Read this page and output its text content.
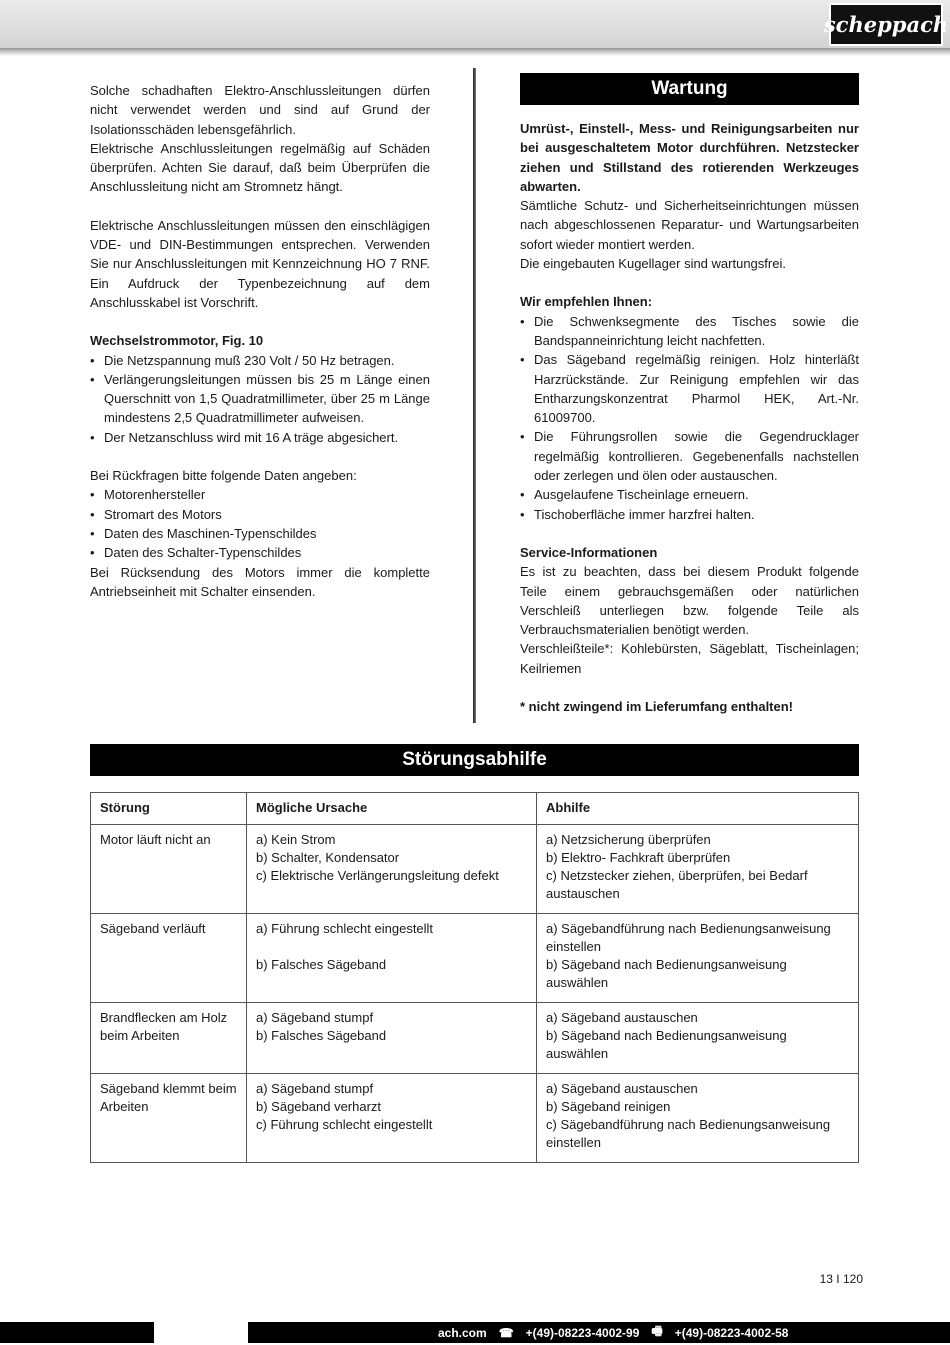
scheppach

Solche schadhaften Elektro-Anschlussleitungen dürfen nicht verwendet werden und sind auf Grund der Isolationsschäden lebensgefährlich.

Elektrische Anschlussleitungen regelmäßig auf Schäden überprüfen. Achten Sie darauf, daß beim Überprüfen die Anschlussleitung nicht am Stromnetz hängt.

Elektrische Anschlussleitungen müssen den einschlägigen VDE- und DIN-Bestimmungen entsprechen. Verwenden Sie nur Anschlussleitungen mit Kennzeichnung HO 7 RNF. Ein Aufdruck der Typenbezeichnung auf dem Anschlusskabel ist Vorschrift.

Wechselstrommotor, Fig. 10

• Die Netzspannung muß 230 Volt / 50 Hz betragen.
• Verlängerungsleitungen müssen bis 25 m Länge einen Querschnitt von 1,5 Quadratmillimeter, über 25 m Länge mindestens 2,5 Quadratmillimeter aufweisen.
• Der Netzanschluss wird mit 16 A träge abgesichert.

Bei Rückfragen bitte folgende Daten angeben:

• Motorenhersteller
• Stromart des Motors
• Daten des Maschinen-Typenschildes
• Daten des Schalter-Typenschildes

Bei Rücksendung des Motors immer die komplette Antriebseinheit mit Schalter einsenden.

Wartung

Umrüst-, Einstell-, Mess- und Reinigungsarbeiten nur bei ausgeschaltetem Motor durchführen. Netzstecker ziehen und Stillstand des rotierenden Werkzeuges abwarten.

Sämtliche Schutz- und Sicherheitseinrichtungen müssen nach abgeschlossenen Reparatur- und Wartungsarbeiten sofort wieder montiert werden.

Die eingebauten Kugellager sind wartungsfrei.

Wir empfehlen Ihnen:

• Die Schwenksegmente des Tisches sowie die Bandspanneinrichtung leicht nachfetten.
• Das Sägeband regelmäßig reinigen. Holz hinterläßt Harzrückstände. Zur Reinigung empfehlen wir das Entharzungskonzentrat Pharmol HEK, Art.-Nr. 61009700.
• Die Führungsrollen sowie die Gegendrucklager regelmäßig kontrollieren. Gegebenenfalls nachstellen oder zerlegen und ölen oder austauschen.
• Ausgelaufene Tischeinlage erneuern.
• Tischoberfläche immer harzfrei halten.

Service-Informationen

Es ist zu beachten, dass bei diesem Produkt folgende Teile einem gebrauchsgemäßen oder natürlichen Verschleiß unterliegen bzw. folgende Teile als Verbrauchsmaterialien benötigt werden.

Verschleißteile*: Kohlebürsten, Sägeblatt, Tischeinlagen; Keilriemen

* nicht zwingend im Lieferumfang enthalten!

Störungsabhilfe
Störung	Mögliche Ursache	Abhilfe
Motor läuft nicht an	a) Kein Strom
b) Schalter, Kondensator
c) Elektrische Verlängerungsleitung defekt	a) Netzsicherung überprüfen
b) Elektro- Fachkraft überprüfen
c) Netzstecker ziehen, überprüfen, bei Bedarf austauschen
Sägeband verläuft	a) Führung schlecht eingestellt

b) Falsches Sägeband	a) Sägebandführung nach Bedienungsanweisung einstellen
b) Sägeband nach Bedienungsanweisung auswählen
Brandflecken am Holz beim Arbeiten	a) Sägeband stumpf
b) Falsches Sägeband	a) Sägeband austauschen
b) Sägeband nach Bedienungsanweisung auswählen
Sägeband klemmt beim Arbeiten	a) Sägeband stumpf
b) Sägeband verharzt
c) Führung schlecht eingestellt	a) Sägeband austauschen
b) Sägeband reinigen
c) Sägebandführung nach Bedienungsanweisung einstellen
13 I 120
ach.com ☎ +(49)-08223-4002-99 🖷 +(49)-08223-4002-58
